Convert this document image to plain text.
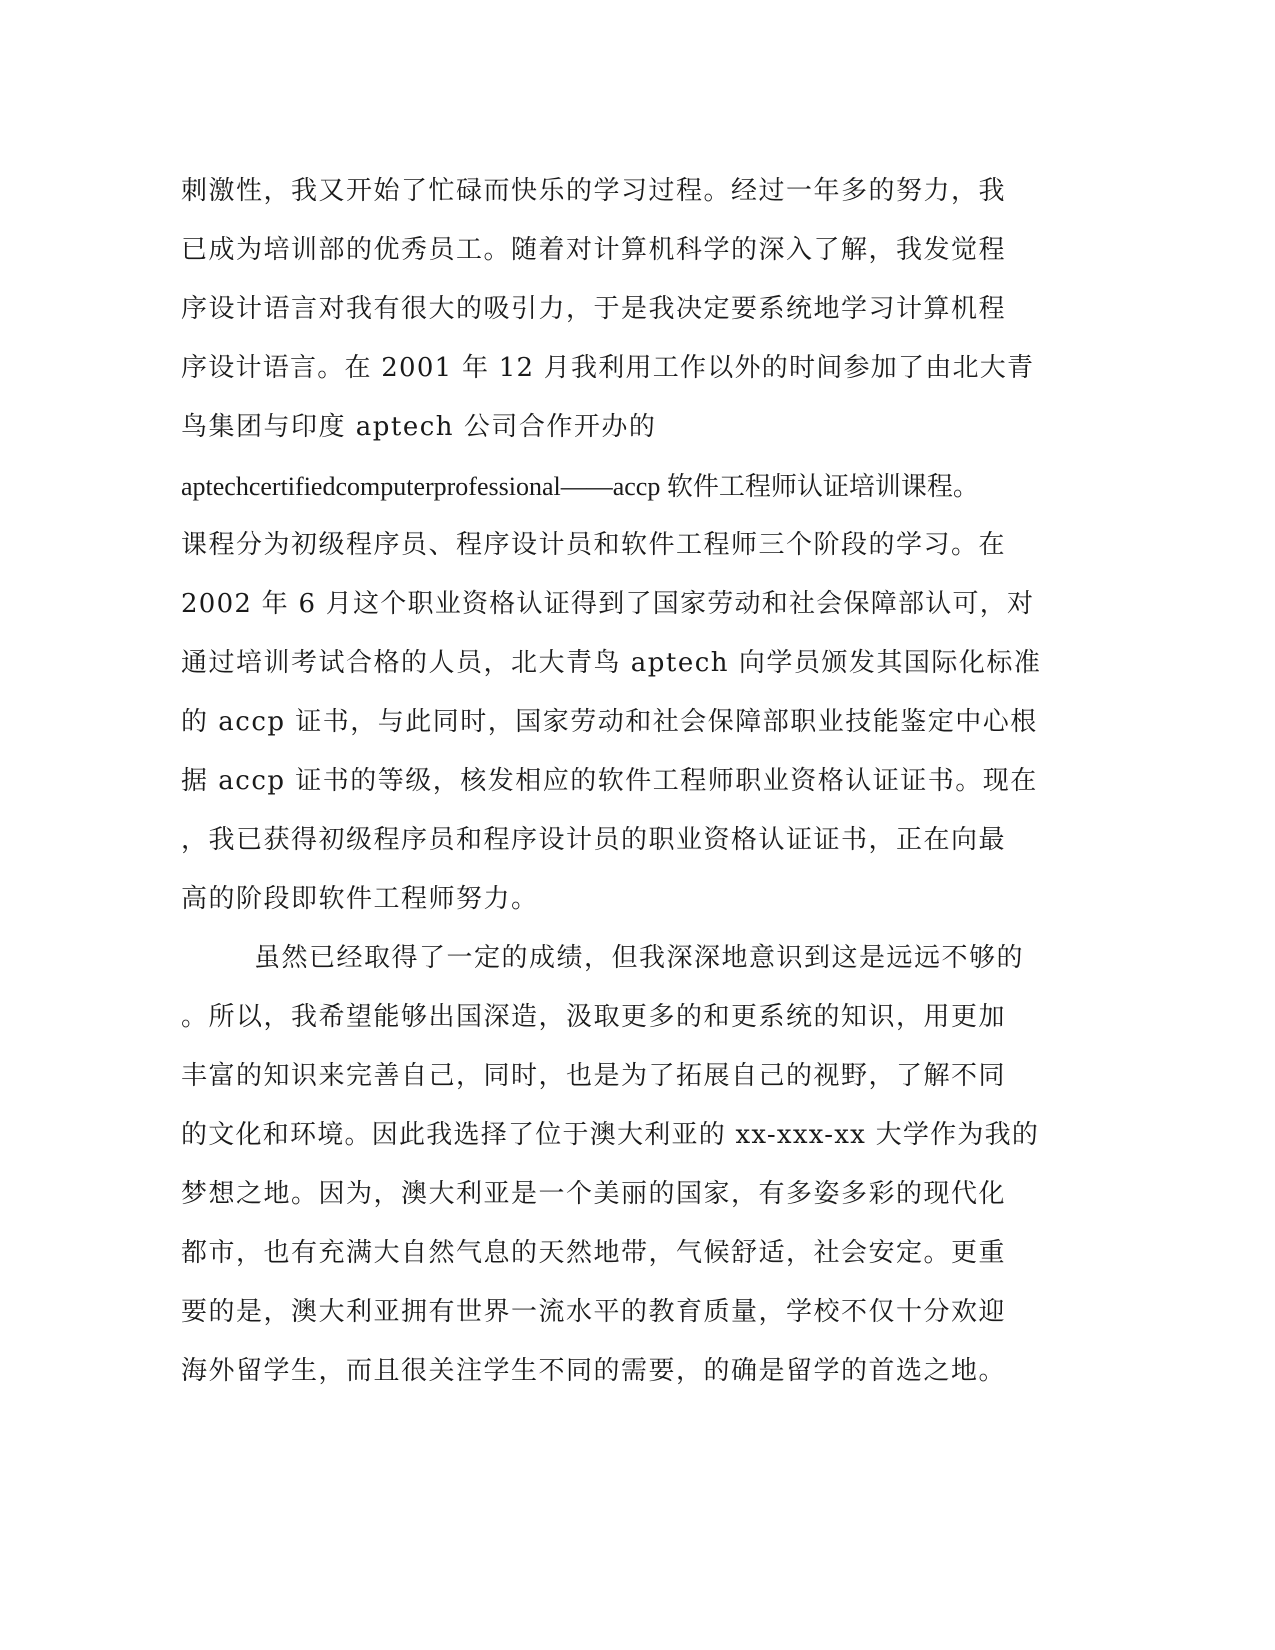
刺激性，我又开始了忙碌而快乐的学习过程。经过一年多的努力，我
已成为培训部的优秀员工。随着对计算机科学的深入了解，我发觉程
序设计语言对我有很大的吸引力，于是我决定要系统地学习计算机程
序设计语言。在 2001 年 12 月我利用工作以外的时间参加了由北大青
鸟集团与印度 aptech 公司合作开办的
aptechcertifiedcomputerprofessional——accp 软件工程师认证培训课程。
课程分为初级程序员、程序设计员和软件工程师三个阶段的学习。在
2002 年 6 月这个职业资格认证得到了国家劳动和社会保障部认可，对
通过培训考试合格的人员，北大青鸟 aptech 向学员颁发其国际化标准
的 accp 证书，与此同时，国家劳动和社会保障部职业技能鉴定中心根
据 accp 证书的等级，核发相应的软件工程师职业资格认证证书。现在
，我已获得初级程序员和程序设计员的职业资格认证证书，正在向最
高的阶段即软件工程师努力。
虽然已经取得了一定的成绩，但我深深地意识到这是远远不够的
。所以，我希望能够出国深造，汲取更多的和更系统的知识，用更加
丰富的知识来完善自己，同时，也是为了拓展自己的视野，了解不同
的文化和环境。因此我选择了位于澳大利亚的 xx-xxx-xx 大学作为我的
梦想之地。因为，澳大利亚是一个美丽的国家，有多姿多彩的现代化
都市，也有充满大自然气息的天然地带，气候舒适，社会安定。更重
要的是，澳大利亚拥有世界一流水平的教育质量，学校不仅十分欢迎
海外留学生，而且很关注学生不同的需要，的确是留学的首选之地。
